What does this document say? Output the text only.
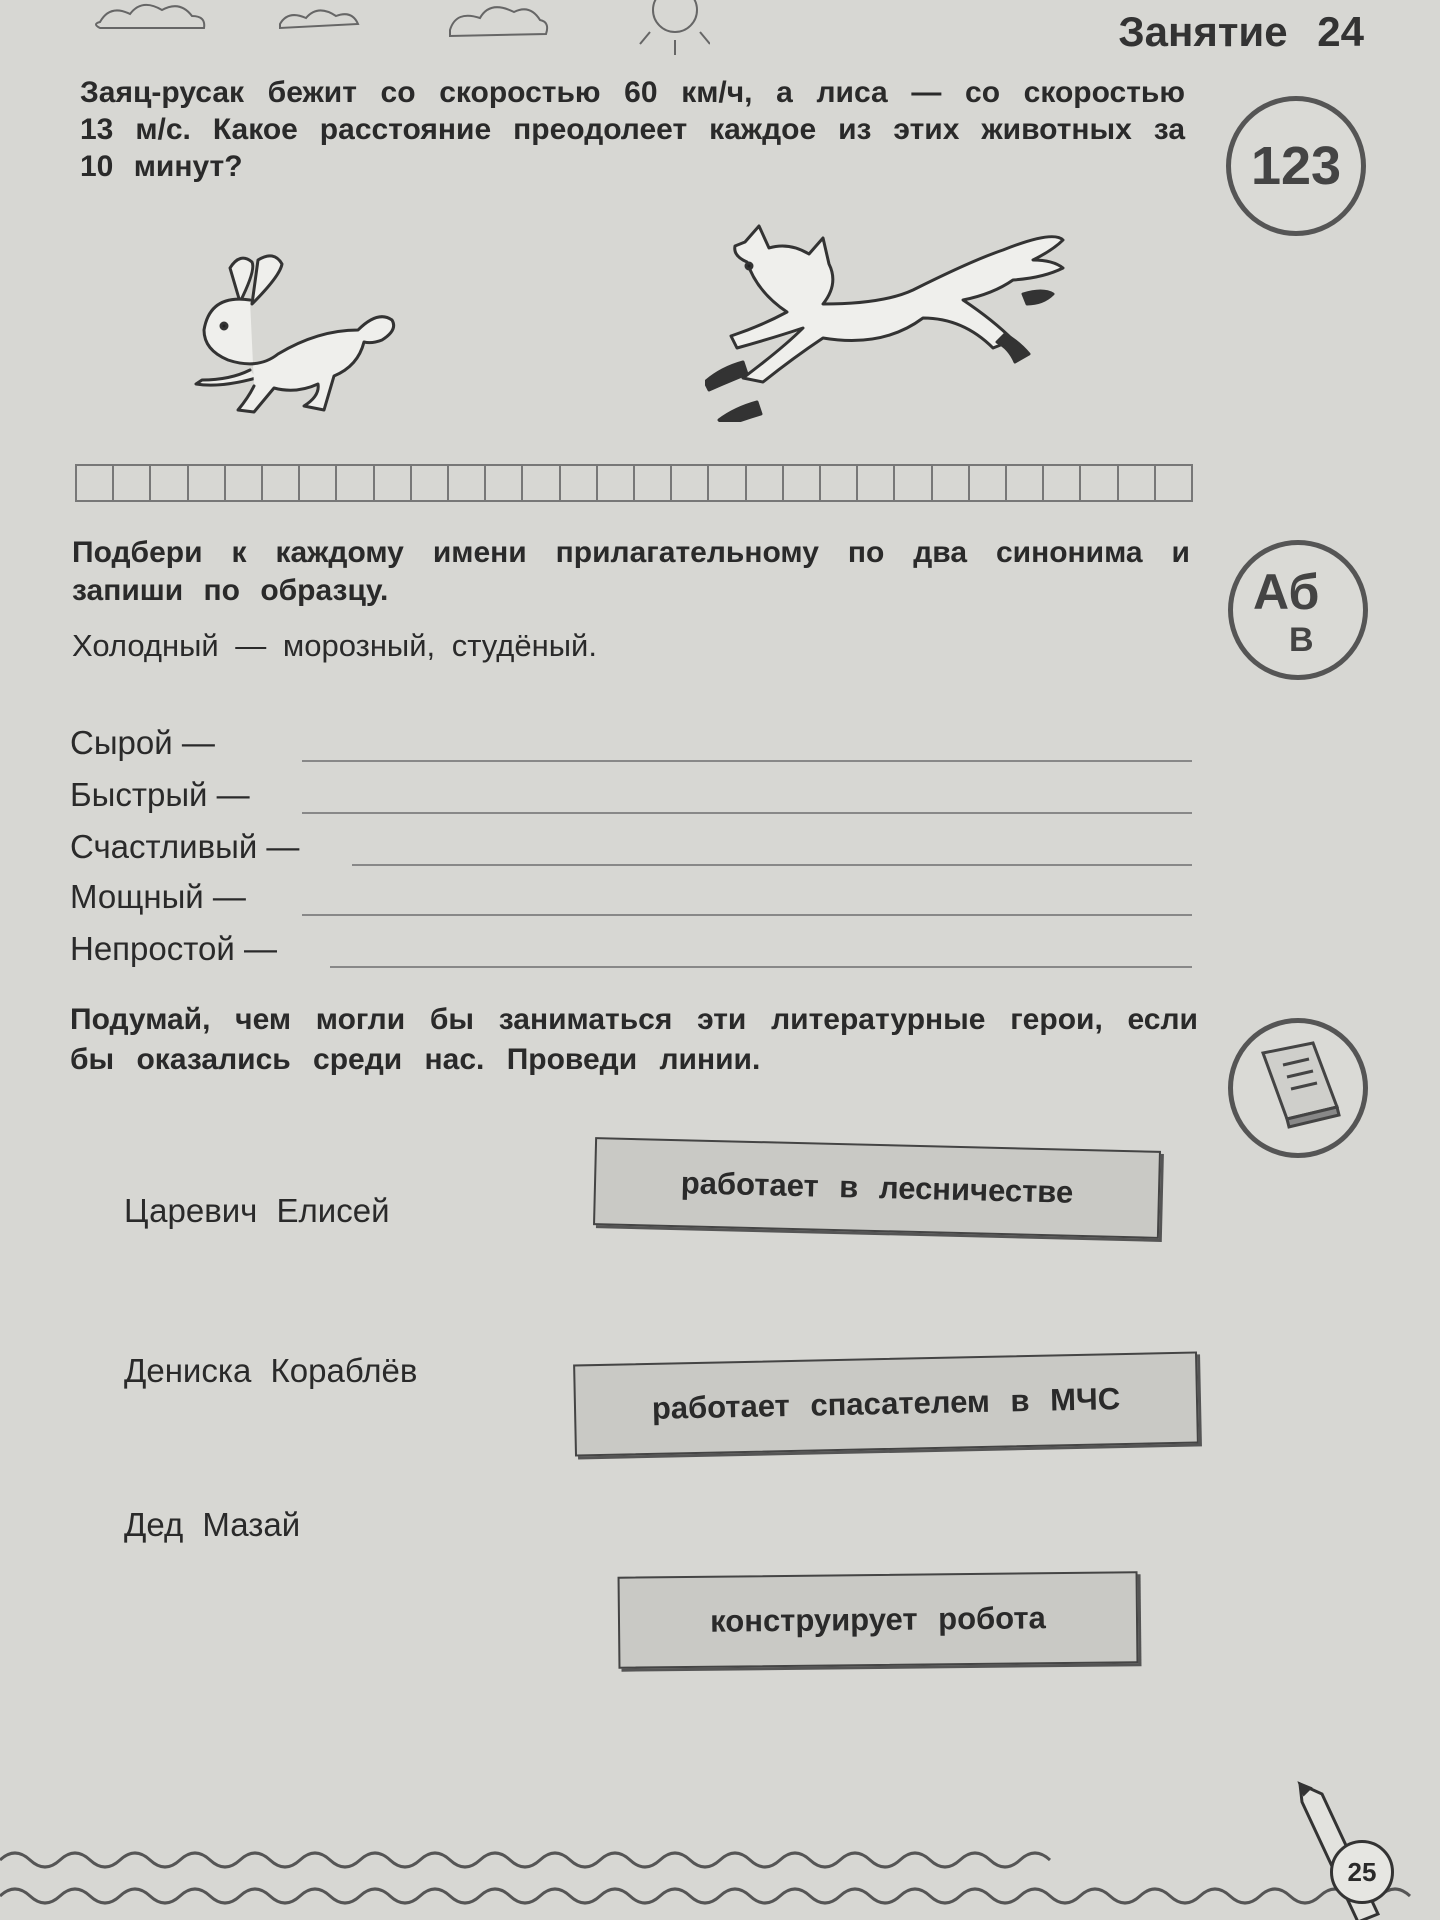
Занятие 24
Заяц-русак бежит со скоростью 60 км/ч, а лиса — со скоростью 13 м/с. Какое расстояние преодолеет каждое из этих животных за 10 минут?	123
Подбери к каждому имени прилагательному по два синонима и запиши по образцу.	Аб
В
Холодный — морозный, студёный.
Сырой —
Быстрый —
Счастливый —
Мощный —
Непростой —
Подумай, чем могли бы заниматься эти литературные герои, если бы оказались среди нас. Проведи линии.
Царевич Елисей
Дениска Кораблёв
Дед Мазай
работает в лесничестве
работает спасателем в МЧС
конструирует робота
25
